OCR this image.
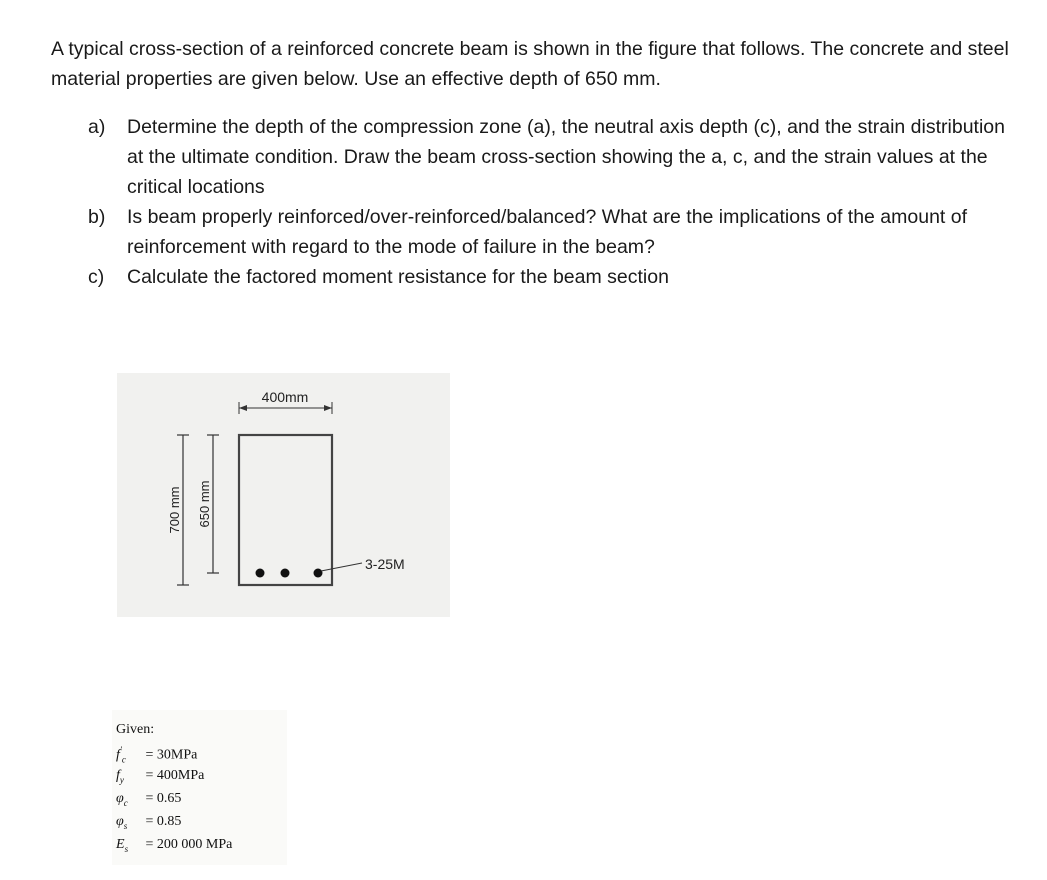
A typical cross-section of a reinforced concrete beam is shown in the figure that follows. The concrete and steel material properties are given below. Use an effective depth of 650 mm.

a) Determine the depth of the compression zone (a), the neutral axis depth (c), and the strain distribution at the ultimate condition. Draw the beam cross-section showing the a, c, and the strain values at the critical locations
b) Is beam properly reinforced/over-reinforced/balanced? What are the implications of the amount of reinforcement with regard to the mode of failure in the beam?
c) Calculate the factored moment resistance for the beam section
400mm
700 mm 650 mm
3-25M
Given:
$f'_c = 30MPa$
$f_y = 400MPa$
$\varphi_c = 0.65$
$\varphi_s = 0.85$
$E_s = 200$ 000 MPa
